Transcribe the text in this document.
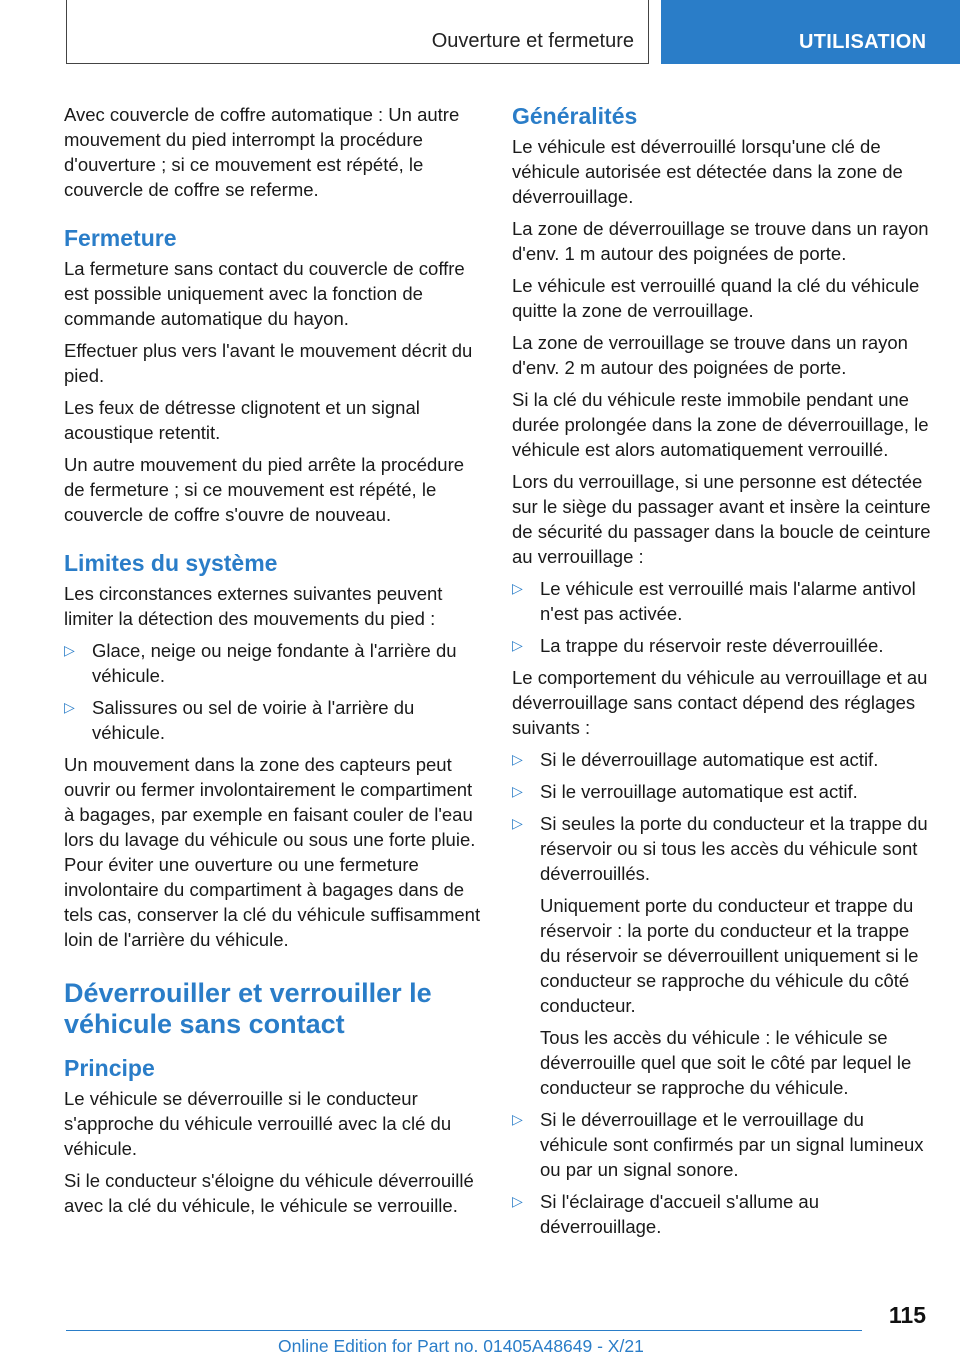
Ouverture et fermeture	UTILISATION

Avec couvercle de coffre automatique : Un autre mouvement du pied interrompt la procédure d'ouverture ; si ce mouvement est répété, le couvercle de coffre se referme.

Fermeture

La fermeture sans contact du couvercle de coffre est possible uniquement avec la fonction de commande automatique du hayon.

Effectuer plus vers l'avant le mouvement décrit du pied.

Les feux de détresse clignotent et un signal acoustique retentit.

Un autre mouvement du pied arrête la procédure de fermeture ; si ce mouvement est répété, le couvercle de coffre s'ouvre de nouveau.

Limites du système

Les circonstances externes suivantes peuvent limiter la détection des mouvements du pied :

▷ Glace, neige ou neige fondante à l'arrière du véhicule.
▷ Salissures ou sel de voirie à l'arrière du véhicule.

Un mouvement dans la zone des capteurs peut ouvrir ou fermer involontairement le compartiment à bagages, par exemple en faisant couler de l'eau lors du lavage du véhicule ou sous une forte pluie. Pour éviter une ouverture ou une fermeture involontaire du compartiment à bagages dans de tels cas, conserver la clé du véhicule suffisamment loin de l'arrière du véhicule.

Déverrouiller et verrouiller le véhicule sans contact
Principe

Le véhicule se déverrouille si le conducteur s'approche du véhicule verrouillé avec la clé du véhicule.

Si le conducteur s'éloigne du véhicule déverrouillé avec la clé du véhicule, le véhicule se verrouille.

Généralités

Le véhicule est déverrouillé lorsqu'une clé de véhicule autorisée est détectée dans la zone de déverrouillage.

La zone de déverrouillage se trouve dans un rayon d'env. 1 m autour des poignées de porte.

Le véhicule est verrouillé quand la clé du véhicule quitte la zone de verrouillage.

La zone de verrouillage se trouve dans un rayon d'env. 2 m autour des poignées de porte.

Si la clé du véhicule reste immobile pendant une durée prolongée dans la zone de déverrouillage, le véhicule est alors automatiquement verrouillé.

Lors du verrouillage, si une personne est détectée sur le siège du passager avant et insère la ceinture de sécurité du passager dans la boucle de ceinture au verrouillage :

▷ Le véhicule est verrouillé mais l'alarme antivol n'est pas activée.
▷ La trappe du réservoir reste déverrouillée.

Le comportement du véhicule au verrouillage et au déverrouillage sans contact dépend des réglages suivants :

▷ Si le déverrouillage automatique est actif.
▷ Si le verrouillage automatique est actif.
▷ Si seules la porte du conducteur et la trappe du réservoir ou si tous les accès du véhicule sont déverrouillés.
Uniquement porte du conducteur et trappe du réservoir : la porte du conducteur et la trappe du réservoir se déverrouillent uniquement si le conducteur se rapproche du véhicule du côté conducteur.
Tous les accès du véhicule : le véhicule se déverrouille quel que soit le côté par lequel le conducteur se rapproche du véhicule.
▷ Si le déverrouillage et le verrouillage du véhicule sont confirmés par un signal lumineux ou par un signal sonore.
▷ Si l'éclairage d'accueil s'allume au déverrouillage.
115
Online Edition for Part no. 01405A48649 - X/21
